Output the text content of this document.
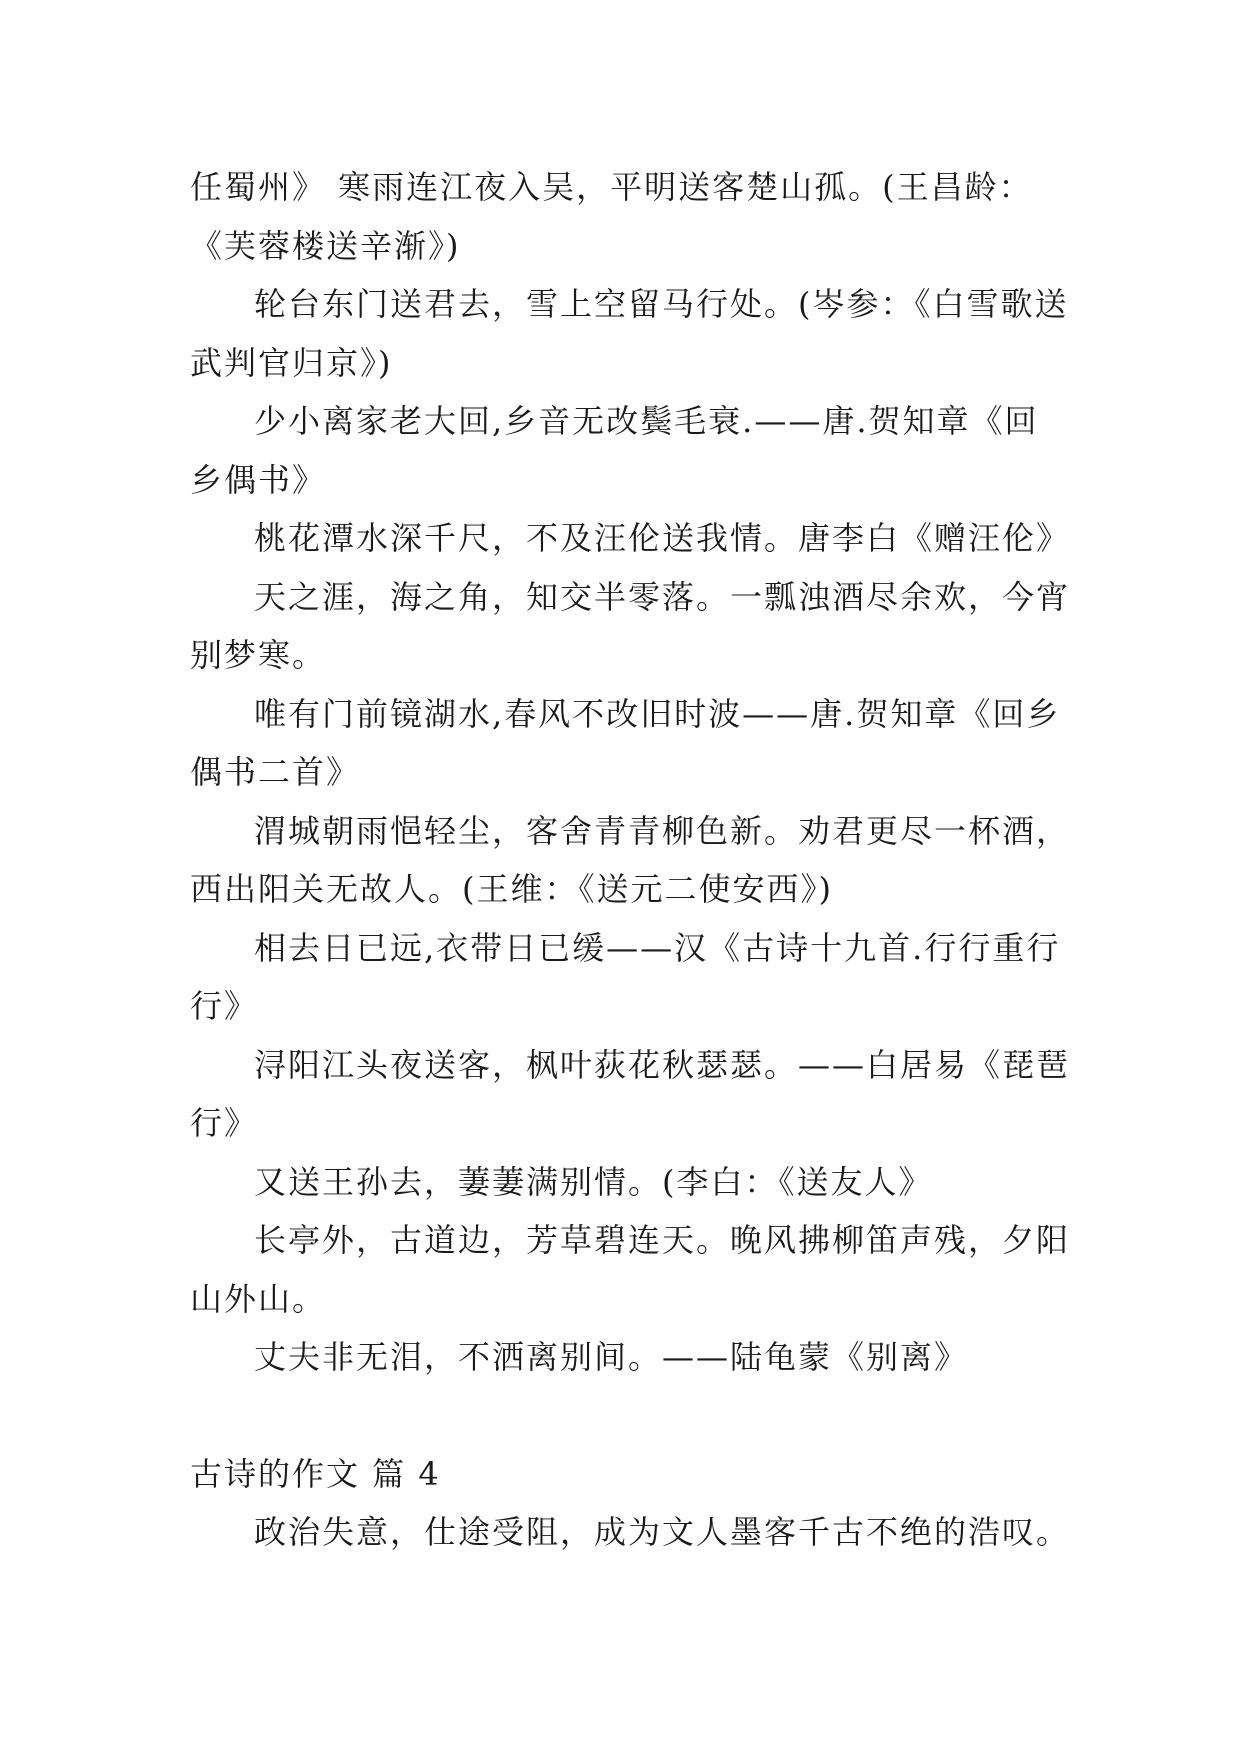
任蜀州》 寒雨连江夜入吴，平明送客楚山孤。(王昌龄：《芙蓉楼送辛渐》)

轮台东门送君去，雪上空留马行处。(岑参：《白雪歌送武判官归京》)

少小离家老大回,乡音无改鬓毛衰.——唐.贺知章《回乡偶书》

桃花潭水深千尺，不及汪伦送我情。唐李白《赠汪伦》

天之涯，海之角，知交半零落。一瓢浊酒尽余欢，今宵别梦寒。

唯有门前镜湖水,春风不改旧时波——唐.贺知章《回乡偶书二首》

渭城朝雨悒轻尘，客舍青青柳色新。劝君更尽一杯酒，西出阳关无故人。(王维：《送元二使安西》)

相去日已远,衣带日已缓——汉《古诗十九首.行行重行行》

浔阳江头夜送客，枫叶荻花秋瑟瑟。——白居易《琵琶行》

又送王孙去，萋萋满别情。(李白：《送友人》

长亭外，古道边，芳草碧连天。晚风拂柳笛声残，夕阳山外山。

丈夫非无泪，不洒离别间。——陆龟蒙《别离》

古诗的作文 篇 4

政治失意，仕途受阻，成为文人墨客千古不绝的浩叹。
